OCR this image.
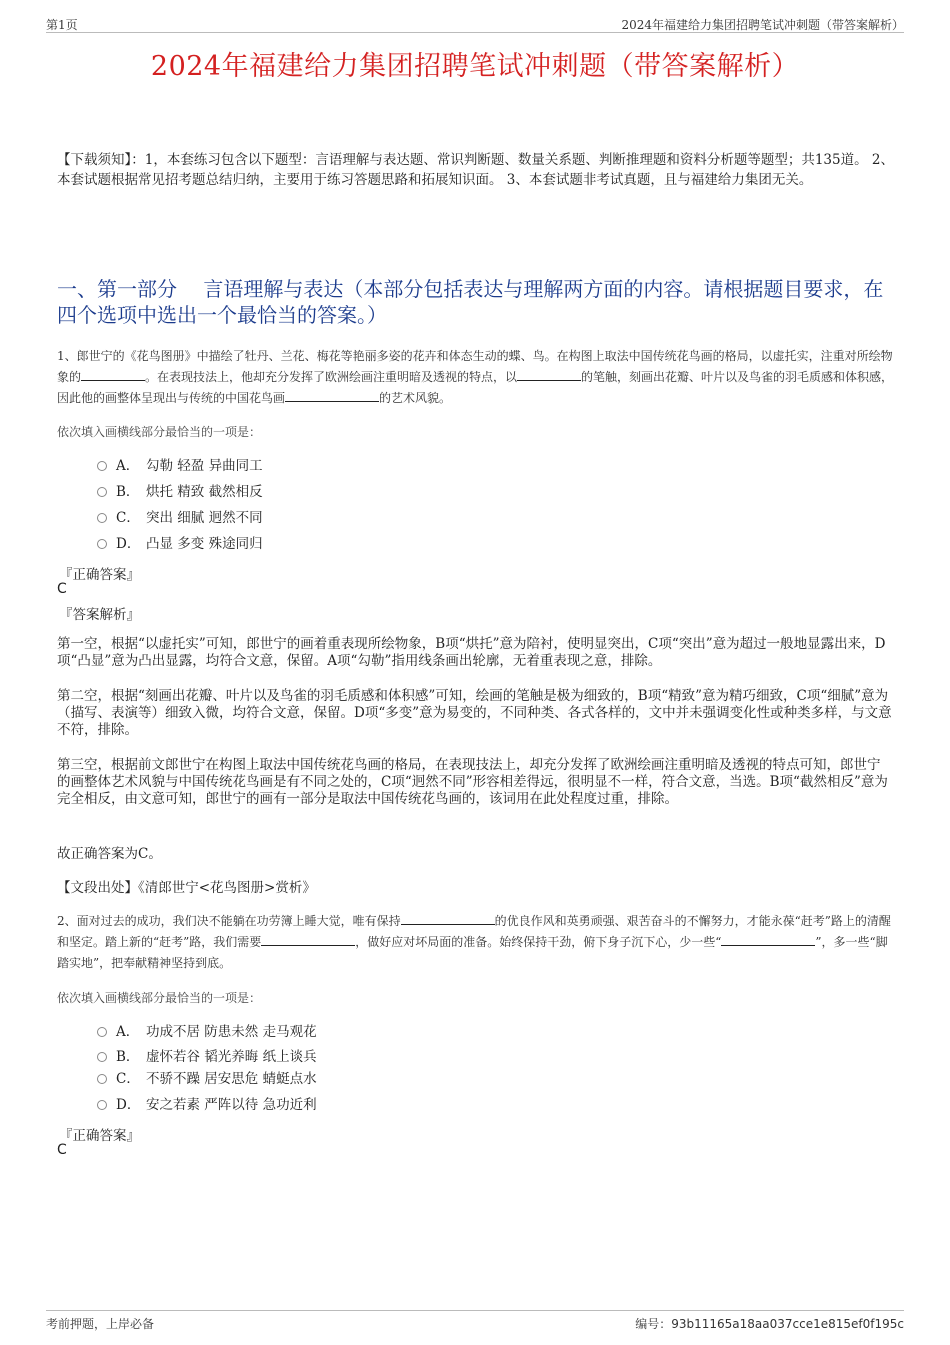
第1页	2024年福建给力集团招聘笔试冲刺题（带答案解析）
2024年福建给力集团招聘笔试冲刺题（带答案解析）
【下载须知】：1，本套练习包含以下题型：言语理解与表达题、常识判断题、数量关系题、判断推理题和资料分析题等题型；共135道。 2、本套试题根据常见招考题总结归纳，主要用于练习答题思路和拓展知识面。 3、本套试题非考试真题，且与福建给力集团无关。
一、第一部分　 言语理解与表达（本部分包括表达与理解两方面的内容。请根据题目要求，在四个选项中选出一个最恰当的答案。）
1、郎世宁的《花鸟图册》中描绘了牡丹、兰花、梅花等艳丽多姿的花卉和体态生动的蝶、鸟。在构图上取法中国传统花鸟画的格局，以虚托实，注重对所绘物象的	。在表现技法上，他却充分发挥了欧洲绘画注重明暗及透视的特点，以	的笔触，刻画出花瓣、叶片以及鸟雀的羽毛质感和体积感，因此他的画整体呈现出与传统的中国花鸟画	的艺术风貌。
依次填入画横线部分最恰当的一项是：
A． 勾勒 轻盈 异曲同工
B． 烘托 精致 截然相反
C． 突出 细腻 迥然不同
D． 凸显 多变 殊途同归
『正确答案』
C
『答案解析』
第一空，根据“以虚托实”可知，郎世宁的画着重表现所绘物象，B项“烘托”意为陪衬，使明显突出，C项“突出”意为超过一般地显露出来，D项“凸显”意为凸出显露，均符合文意，保留。A项“勾勒”指用线条画出轮廓，无着重表现之意，排除。
第二空，根据“刻画出花瓣、叶片以及鸟雀的羽毛质感和体积感”可知，绘画的笔触是极为细致的，B项“精致”意为精巧细致，C项“细腻”意为（描写、表演等）细致入微，均符合文意，保留。D项“多变”意为易变的，不同种类、各式各样的，文中并未强调变化性或种类多样，与文意不符，排除。
第三空，根据前文郎世宁在构图上取法中国传统花鸟画的格局，在表现技法上，却充分发挥了欧洲绘画注重明暗及透视的特点可知，郎世宁的画整体艺术风貌与中国传统花鸟画是有不同之处的，C项“迥然不同”形容相差得远，很明显不一样，符合文意，当选。B项“截然相反”意为完全相反，由文意可知，郎世宁的画有一部分是取法中国传统花鸟画的，该词用在此处程度过重，排除。
故正确答案为C。
【文段出处】《清郎世宁<花鸟图册>赏析》
2、面对过去的成功，我们决不能躺在功劳簿上睡大觉，唯有保持	的优良作风和英勇顽强、艰苦奋斗的不懈努力，才能永葆“赶考”路上的清醒和坚定。踏上新的“赶考”路，我们需要	，做好应对坏局面的准备。始终保持干劲，俯下身子沉下心，少一些“	”，多一些“脚踏实地”，把奉献精神坚持到底。
依次填入画横线部分最恰当的一项是：
A． 功成不居 防患未然 走马观花
B． 虚怀若谷 韬光养晦 纸上谈兵
C． 不骄不躁 居安思危 蜻蜓点水
D． 安之若素 严阵以待 急功近利
『正确答案』
C
考前押题，上岸必备	编号：93b11165a18aa037cce1e815ef0f195c
